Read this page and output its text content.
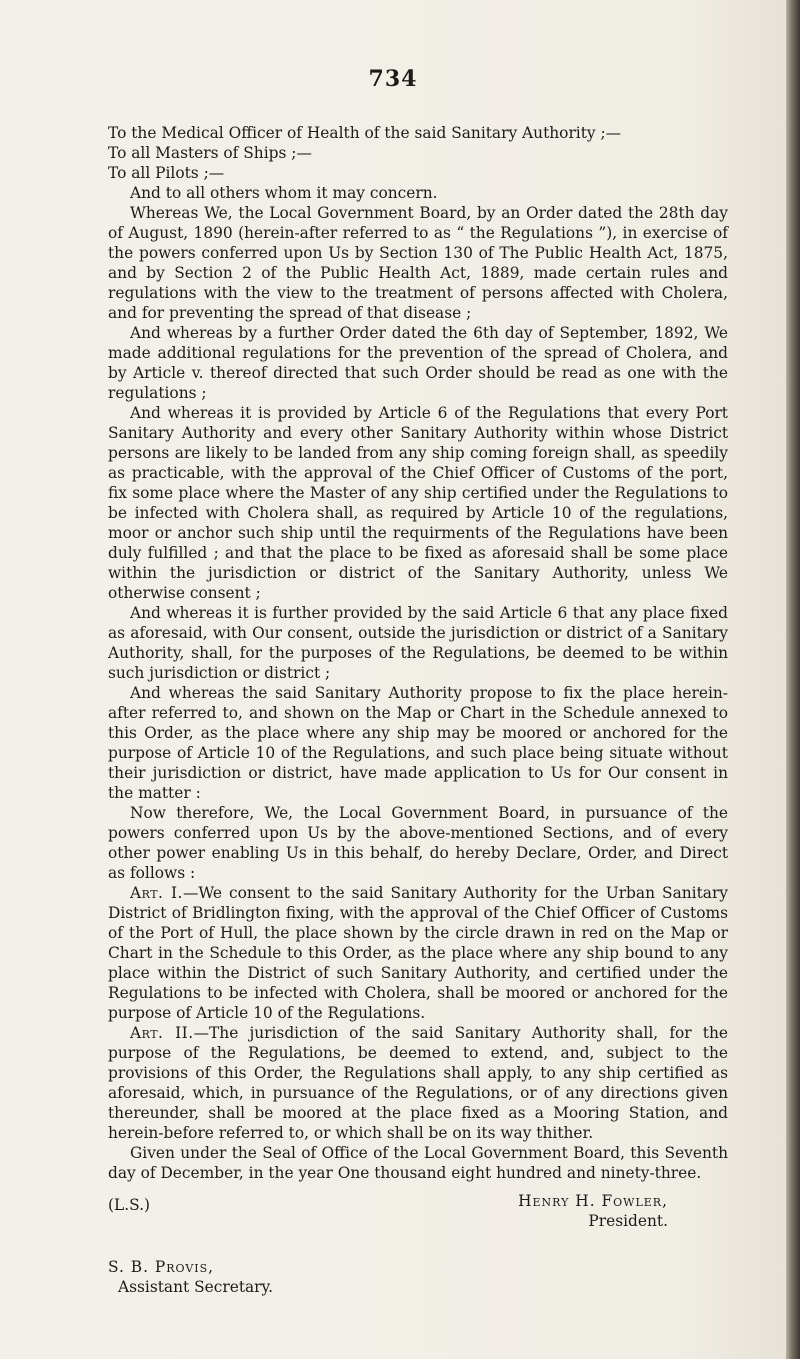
734

To the Medical Officer of Health of the said Sanitary Authority ;—

To all Masters of Ships ;—

To all Pilots ;—

And to all others whom it may concern.

Whereas We, the Local Government Board, by an Order dated the 28th day of August, 1890 (herein-after referred to as “ the Regulations ”), in exercise of the powers conferred upon Us by Section 130 of The Public Health Act, 1875, and by Section 2 of the Public Health Act, 1889, made certain rules and regulations with the view to the treatment of persons affected with Cholera, and for preventing the spread of that disease ;

And whereas by a further Order dated the 6th day of September, 1892, We made additional regulations for the prevention of the spread of Cholera, and by Article v. thereof directed that such Order should be read as one with the regulations ;

And whereas it is provided by Article 6 of the Regulations that every Port Sanitary Authority and every other Sanitary Authority within whose District persons are likely to be landed from any ship coming foreign shall, as speedily as practicable, with the approval of the Chief Officer of Customs of the port, fix some place where the Master of any ship certified under the Regulations to be infected with Cholera shall, as required by Article 10 of the regulations, moor or anchor such ship until the requirments of the Regulations have been duly fulfilled ; and that the place to be fixed as aforesaid shall be some place within the jurisdiction or district of the Sanitary Authority, unless We otherwise consent ;

And whereas it is further provided by the said Article 6 that any place fixed as aforesaid, with Our consent, outside the jurisdiction or district of a Sanitary Authority, shall, for the purposes of the Regulations, be deemed to be within such jurisdiction or district ;

And whereas the said Sanitary Authority propose to fix the place herein-after referred to, and shown on the Map or Chart in the Schedule annexed to this Order, as the place where any ship may be moored or anchored for the purpose of Article 10 of the Regulations, and such place being situate without their jurisdiction or district, have made application to Us for Our consent in the matter :

Now therefore, We, the Local Government Board, in pursuance of the powers conferred upon Us by the above-mentioned Sections, and of every other power enabling Us in this behalf, do hereby Declare, Order, and Direct as follows :

Art. I.—We consent to the said Sanitary Authority for the Urban Sanitary District of Bridlington fixing, with the approval of the Chief Officer of Customs of the Port of Hull, the place shown by the circle drawn in red on the Map or Chart in the Schedule to this Order, as the place where any ship bound to any place within the District of such Sanitary Authority, and certified under the Regulations to be infected with Cholera, shall be moored or anchored for the purpose of Article 10 of the Regulations.

Art. II.—The jurisdiction of the said Sanitary Authority shall, for the purpose of the Regulations, be deemed to extend, and, subject to the provisions of this Order, the Regulations shall apply, to any ship certified as aforesaid, which, in pursuance of the Regulations, or of any directions given thereunder, shall be moored at the place fixed as a Mooring Station, and herein-before referred to, or which shall be on its way thither.

Given under the Seal of Office of the Local Government Board, this Seventh day of December, in the year One thousand eight hundred and ninety-three.

(L.S.)	Henry H. Fowler,
President.
S. B. Provis,
Assistant Secretary.
